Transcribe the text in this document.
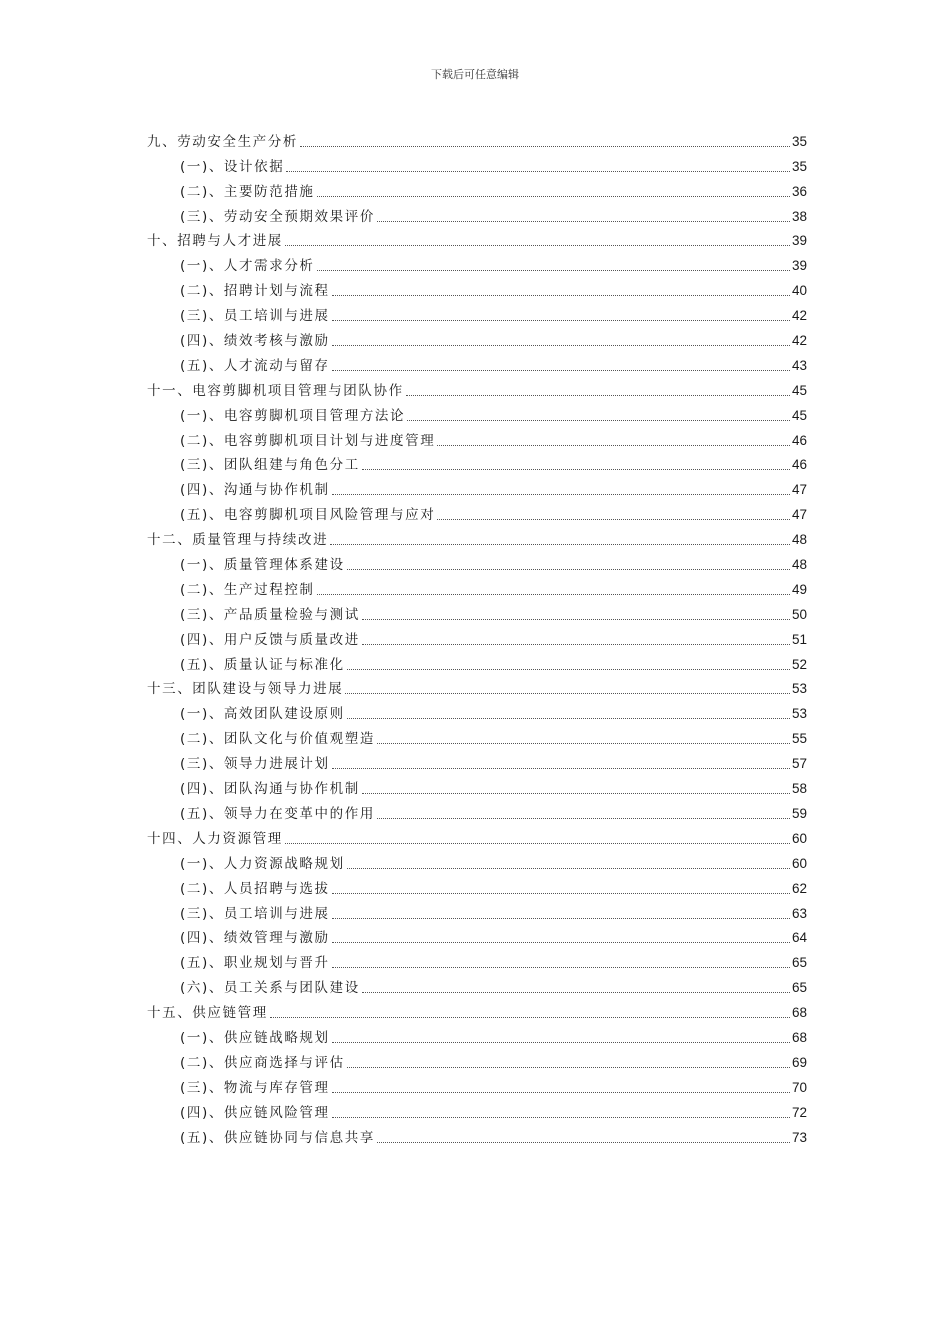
下载后可任意编辑
九、劳动安全生产分析	35
(一)、设计依据	35
(二)、主要防范措施	36
(三)、劳动安全预期效果评价	38
十、招聘与人才进展	39
(一)、人才需求分析	39
(二)、招聘计划与流程	40
(三)、员工培训与进展	42
(四)、绩效考核与激励	42
(五)、人才流动与留存	43
十一、电容剪脚机项目管理与团队协作	45
(一)、电容剪脚机项目管理方法论	45
(二)、电容剪脚机项目计划与进度管理	46
(三)、团队组建与角色分工	46
(四)、沟通与协作机制	47
(五)、电容剪脚机项目风险管理与应对	47
十二、质量管理与持续改进	48
(一)、质量管理体系建设	48
(二)、生产过程控制	49
(三)、产品质量检验与测试	50
(四)、用户反馈与质量改进	51
(五)、质量认证与标准化	52
十三、团队建设与领导力进展	53
(一)、高效团队建设原则	53
(二)、团队文化与价值观塑造	55
(三)、领导力进展计划	57
(四)、团队沟通与协作机制	58
(五)、领导力在变革中的作用	59
十四、人力资源管理	60
(一)、人力资源战略规划	60
(二)、人员招聘与选拔	62
(三)、员工培训与进展	63
(四)、绩效管理与激励	64
(五)、职业规划与晋升	65
(六)、员工关系与团队建设	65
十五、供应链管理	68
(一)、供应链战略规划	68
(二)、供应商选择与评估	69
(三)、物流与库存管理	70
(四)、供应链风险管理	72
(五)、供应链协同与信息共享	73
